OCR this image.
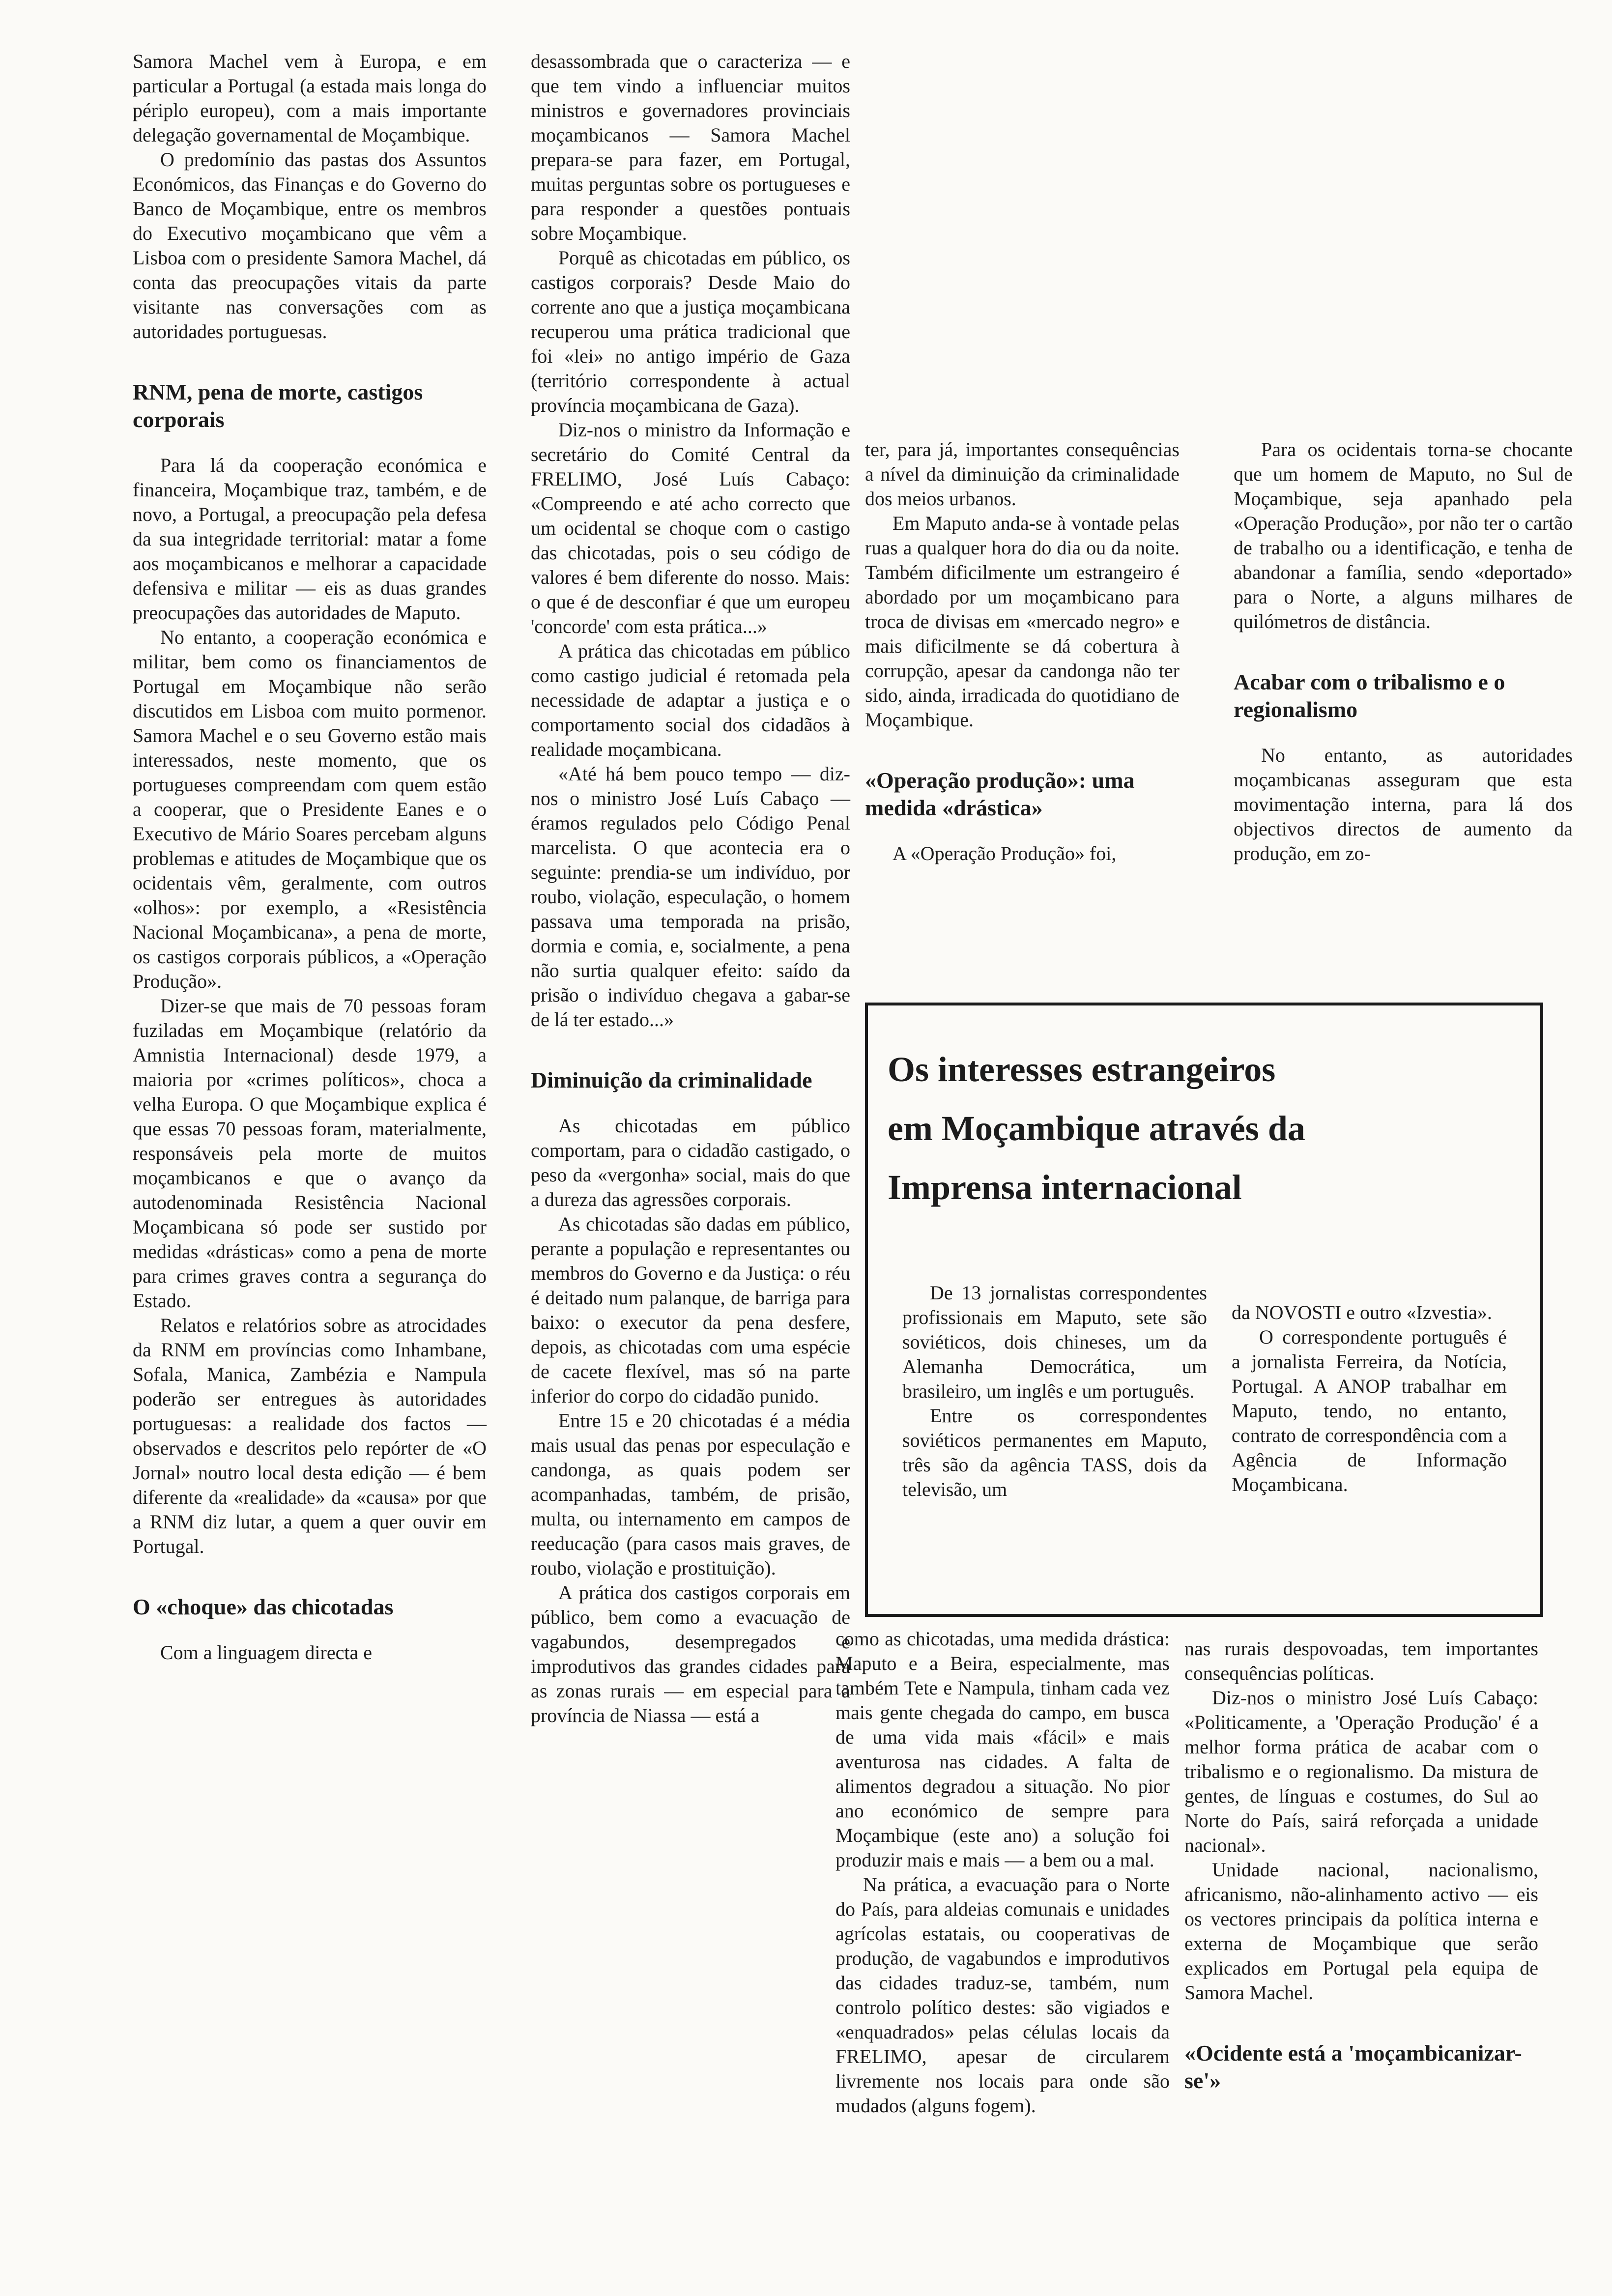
Samora Machel vem à Europa, e em particular a Portugal (a estada mais longa do périplo europeu), com a mais importante delegação governamental de Moçambique.

O predomínio das pastas dos Assuntos Económicos, das Finanças e do Governo do Banco de Moçambique, entre os membros do Executivo moçambicano que vêm a Lisboa com o presidente Samora Machel, dá conta das preocupações vitais da parte visitante nas conversações com as autoridades portuguesas.

RNM, pena de morte, castigos corporais

Para lá da cooperação económica e financeira, Moçambique traz, também, e de novo, a Portugal, a preocupação pela defesa da sua integridade territorial: matar a fome aos moçambicanos e melhorar a capacidade defensiva e militar — eis as duas grandes preocupações das autoridades de Maputo.

No entanto, a cooperação económica e militar, bem como os financiamentos de Portugal em Moçambique não serão discutidos em Lisboa com muito pormenor. Samora Machel e o seu Governo estão mais interessados, neste momento, que os portugueses compreendam com quem estão a cooperar, que o Presidente Eanes e o Executivo de Mário Soares percebam alguns problemas e atitudes de Moçambique que os ocidentais vêm, geralmente, com outros «olhos»: por exemplo, a «Resistência Nacional Moçambicana», a pena de morte, os castigos corporais públicos, a «Operação Produção».

Dizer-se que mais de 70 pessoas foram fuziladas em Moçambique (relatório da Amnistia Internacional) desde 1979, a maioria por «crimes políticos», choca a velha Europa. O que Moçambique explica é que essas 70 pessoas foram, materialmente, responsáveis pela morte de muitos moçambicanos e que o avanço da autodenominada Resistência Nacional Moçambicana só pode ser sustido por medidas «drásticas» como a pena de morte para crimes graves contra a segurança do Estado.

Relatos e relatórios sobre as atrocidades da RNM em províncias como Inhambane, Sofala, Manica, Zambézia e Nampula poderão ser entregues às autoridades portuguesas: a realidade dos factos — observados e descritos pelo repórter de «O Jornal» noutro local desta edição — é bem diferente da «realidade» da «causa» por que a RNM diz lutar, a quem a quer ouvir em Portugal.

O «choque» das chicotadas

Com a linguagem directa e

desassombrada que o caracteriza — e que tem vindo a influenciar muitos ministros e governadores provinciais moçambicanos — Samora Machel prepara-se para fazer, em Portugal, muitas perguntas sobre os portugueses e para responder a questões pontuais sobre Moçambique.

Porquê as chicotadas em público, os castigos corporais? Desde Maio do corrente ano que a justiça moçambicana recuperou uma prática tradicional que foi «lei» no antigo império de Gaza (território correspondente à actual província moçambicana de Gaza).

Diz-nos o ministro da Informação e secretário do Comité Central da FRELIMO, José Luís Cabaço: «Compreendo e até acho correcto que um ocidental se choque com o castigo das chicotadas, pois o seu código de valores é bem diferente do nosso. Mais: o que é de desconfiar é que um europeu 'concorde' com esta prática...»

A prática das chicotadas em público como castigo judicial é retomada pela necessidade de adaptar a justiça e o comportamento social dos cidadãos à realidade moçambicana.

«Até há bem pouco tempo — diz-nos o ministro José Luís Cabaço — éramos regulados pelo Código Penal marcelista. O que acontecia era o seguinte: prendia-se um indivíduo, por roubo, violação, especulação, o homem passava uma temporada na prisão, dormia e comia, e, socialmente, a pena não surtia qualquer efeito: saído da prisão o indivíduo chegava a gabar-se de lá ter estado...»

Diminuição da criminalidade

As chicotadas em público comportam, para o cidadão castigado, o peso da «vergonha» social, mais do que a dureza das agressões corporais.

As chicotadas são dadas em público, perante a população e representantes ou membros do Governo e da Justiça: o réu é deitado num palanque, de barriga para baixo: o executor da pena desfere, depois, as chicotadas com uma espécie de cacete flexível, mas só na parte inferior do corpo do cidadão punido.

Entre 15 e 20 chicotadas é a média mais usual das penas por especulação e candonga, as quais podem ser acompanhadas, também, de prisão, multa, ou internamento em campos de reeducação (para casos mais graves, de roubo, violação e prostituição).

A prática dos castigos corporais em público, bem como a evacuação de vagabundos, desempregados e improdutivos das grandes cidades para as zonas rurais — em especial para a província de Niassa — está a

ter, para já, importantes consequências a nível da diminuição da criminalidade dos meios urbanos.

Em Maputo anda-se à vontade pelas ruas a qualquer hora do dia ou da noite. Também dificilmente um estrangeiro é abordado por um moçambicano para troca de divisas em «mercado negro» e mais dificilmente se dá cobertura à corrupção, apesar da candonga não ter sido, ainda, irradicada do quotidiano de Moçambique.

«Operação produção»: uma medida «drástica»

A «Operação Produção» foi,

Para os ocidentais torna-se chocante que um homem de Maputo, no Sul de Moçambique, seja apanhado pela «Operação Produção», por não ter o cartão de trabalho ou a identificação, e tenha de abandonar a família, sendo «deportado» para o Norte, a alguns milhares de quilómetros de distância.

Acabar com o tribalismo e o regionalismo

No entanto, as autoridades moçambicanas asseguram que esta movimentação interna, para lá dos objectivos directos de aumento da produção, em zo-

Os interesses estrangeiros em Moçambique através da Imprensa internacional

De 13 jornalistas correspondentes profissionais em Maputo, sete são soviéticos, dois chineses, um da Alemanha Democrática, um brasileiro, um inglês e um português.

Entre os correspondentes soviéticos permanentes em Maputo, três são da agência TASS, dois da televisão, um

da NOVOSTI e outro «Izvestia».

O correspondente português é a jornalista Ferreira, da Notícia, Portugal. A ANOP trabalhar em Maputo, tendo, no entanto, contrato de correspondência com a Agência de Informação Moçambicana.

como as chicotadas, uma medida drástica: Maputo e a Beira, especialmente, mas também Tete e Nampula, tinham cada vez mais gente chegada do campo, em busca de uma vida mais «fácil» e mais aventurosa nas cidades. A falta de alimentos degradou a situação. No pior ano económico de sempre para Moçambique (este ano) a solução foi produzir mais e mais — a bem ou a mal.

Na prática, a evacuação para o Norte do País, para aldeias comunais e unidades agrícolas estatais, ou cooperativas de produção, de vagabundos e improdutivos das cidades traduz-se, também, num controlo político destes: são vigiados e «enquadrados» pelas células locais da FRELIMO, apesar de circularem livremente nos locais para onde são mudados (alguns fogem).

nas rurais despovoadas, tem importantes consequências políticas.

Diz-nos o ministro José Luís Cabaço: «Politicamente, a 'Operação Produção' é a melhor forma prática de acabar com o tribalismo e o regionalismo. Da mistura de gentes, de línguas e costumes, do Sul ao Norte do País, sairá reforçada a unidade nacional».

Unidade nacional, nacionalismo, africanismo, não-alinhamento activo — eis os vectores principais da política interna e externa de Moçambique que serão explicados em Portugal pela equipa de Samora Machel.

«Ocidente está a 'moçambicanizar-se'»
